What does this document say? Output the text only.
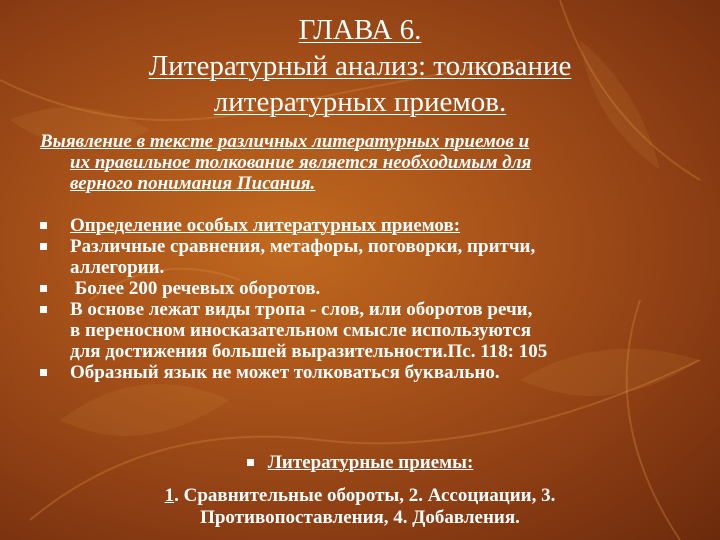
ГЛАВА 6.
Литературный анализ: толкование
литературных приемов.
Выявление в тексте различных литературных приемов и
их правильное толкование является необходимым для
верного понимания Писания.
Определение особых литературных приемов:
Различные сравнения, метафоры, поговорки, притчи,
аллегории.
Более 200 речевых оборотов.
В основе лежат виды тропа - слов, или оборотов речи,
в переносном иносказательном смысле используются
для достижения большей выразительности.Пс. 118: 105
Образный язык не может толковаться буквально.
Литературные приемы:
1. Сравнительные обороты, 2. Ассоциации, 3.
Противопоставления, 4. Добавления.
